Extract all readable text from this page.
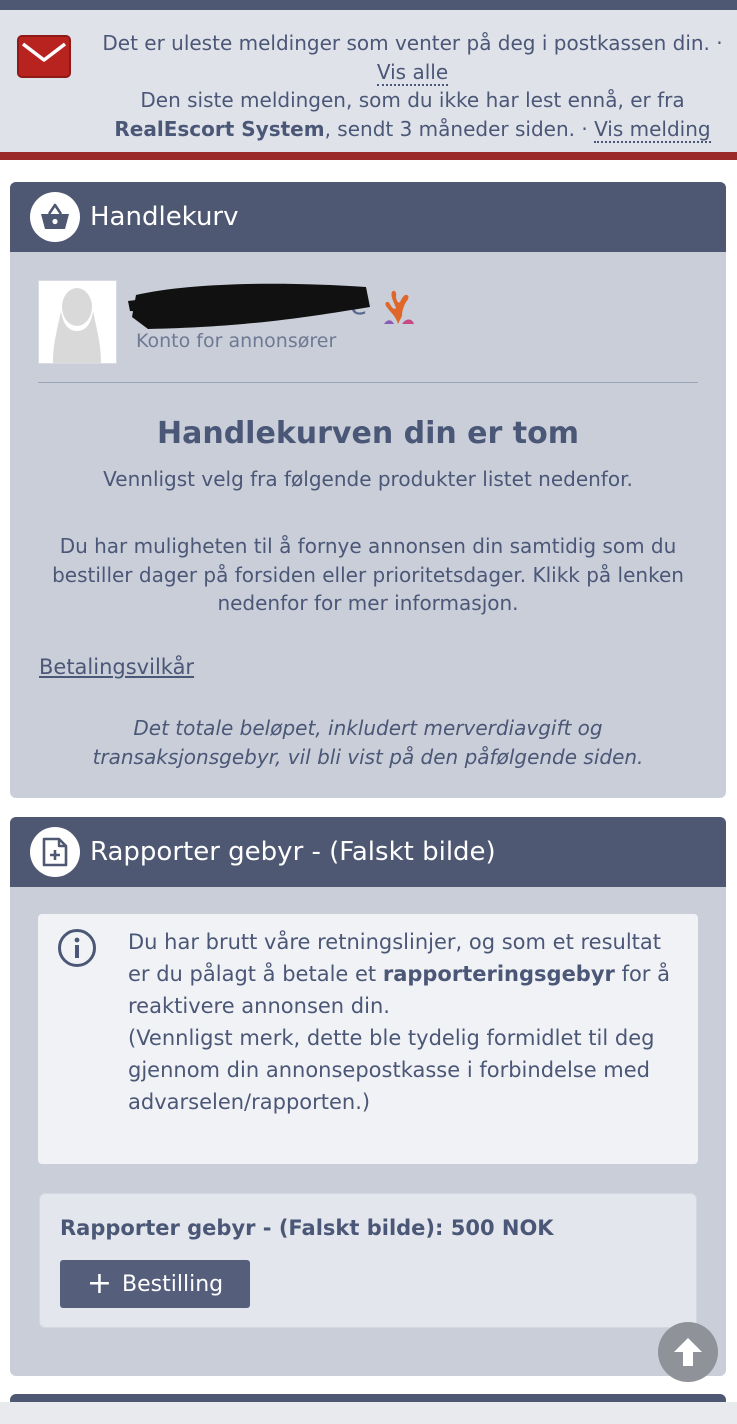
Det er uleste meldinger som venter på deg i postkassen din. · Vis alle
Den siste meldingen, som du ikke har lest ennå, er fra RealEscort System, sendt 3 måneder siden. · Vis melding
Handlekurv
Konto for annonsører
Handlekurven din er tom
Vennligst velg fra følgende produkter listet nedenfor.
Du har muligheten til å fornye annonsen din samtidig som du bestiller dager på forsiden eller prioritetsdager. Klikk på lenken nedenfor for mer informasjon.
Betalingsvilkår
Det totale beløpet, inkludert merverdiavgift og transaksjonsgebyr, vil bli vist på den påfølgende siden.
Rapporter gebyr - (Falskt bilde)
Du har brutt våre retningslinjer, og som et resultat er du pålagt å betale et rapporteringsgebyr for å reaktivere annonsen din.
(Vennligst merk, dette ble tydelig formidlet til deg gjennom din annonsepostkasse i forbindelse med advarselen/rapporten.)
Rapporter gebyr - (Falskt bilde): 500 NOK
+ Bestilling
